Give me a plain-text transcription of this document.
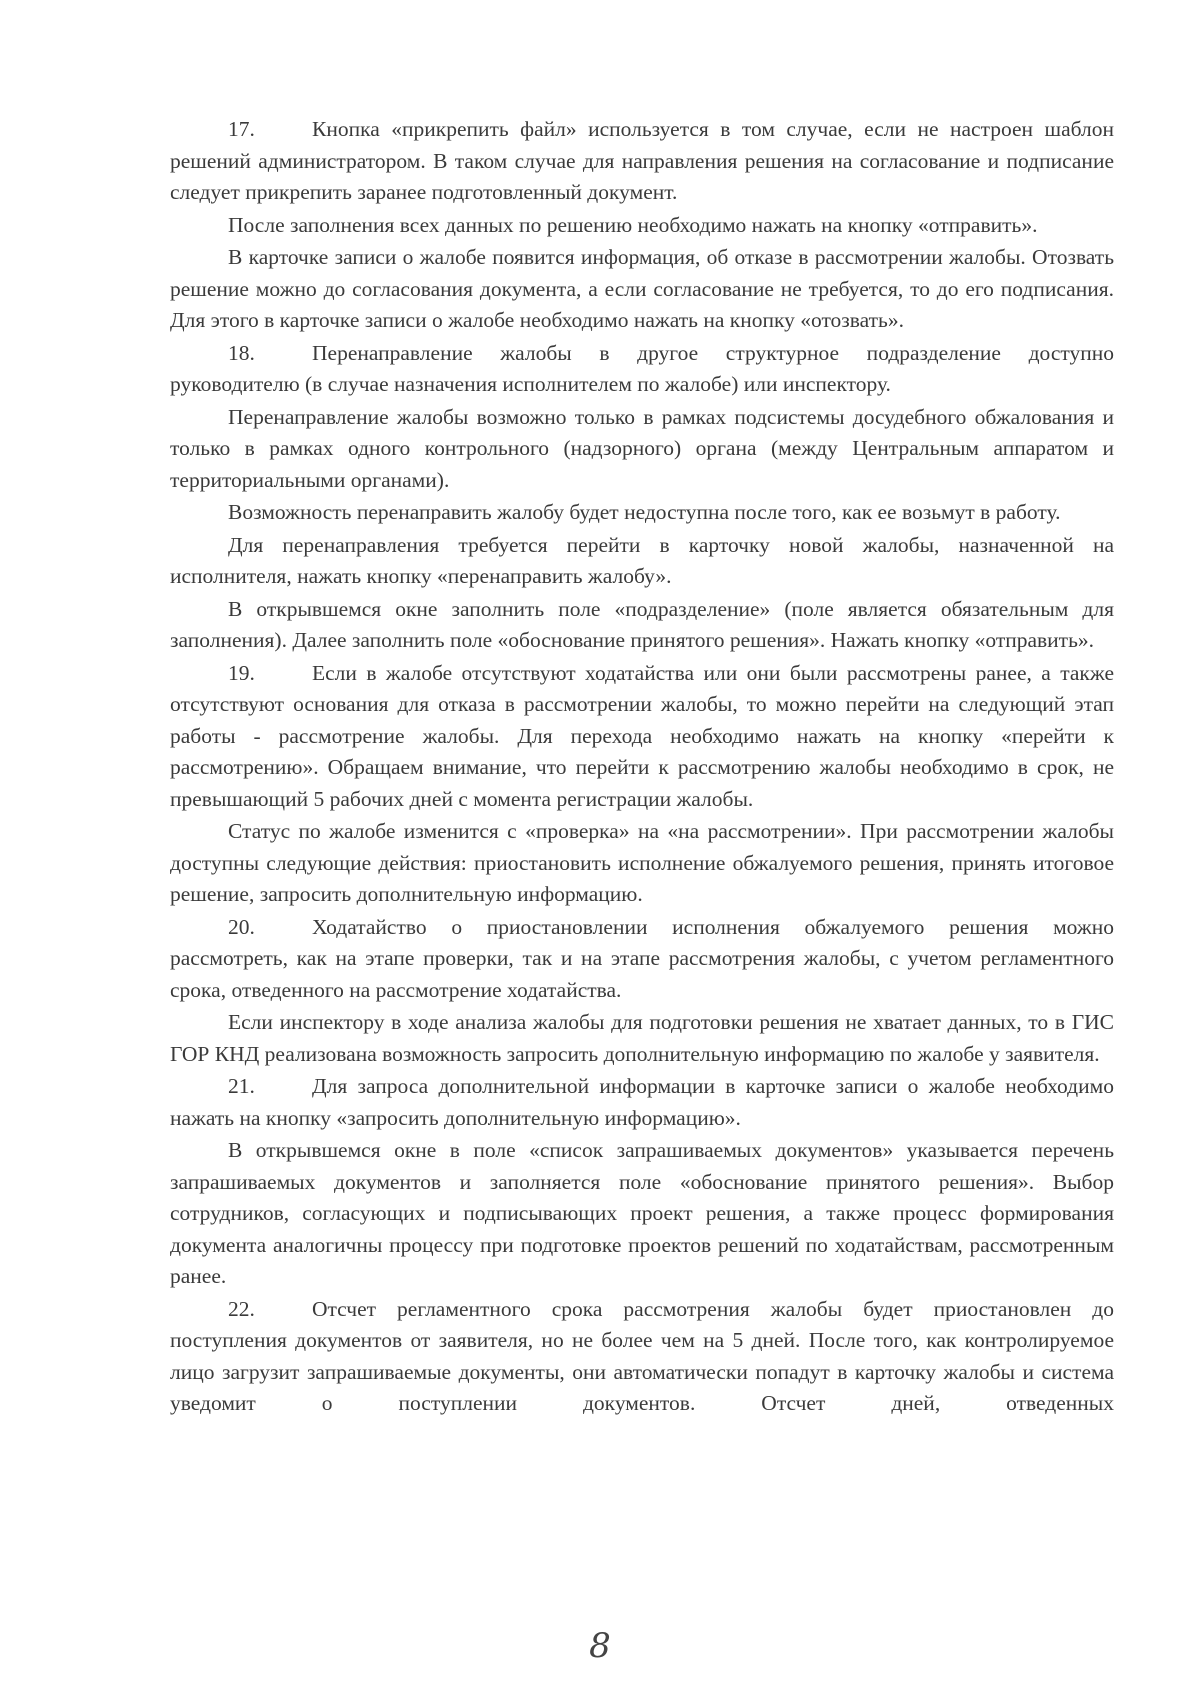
17.	Кнопка «прикрепить файл» используется в том случае, если не настроен шаблон решений администратором. В таком случае для направления решения на согласование и подписание следует прикрепить заранее подготовленный документ.

После заполнения всех данных по решению необходимо нажать на кнопку «отправить».

В карточке записи о жалобе появится информация, об отказе в рассмотрении жалобы. Отозвать решение можно до согласования документа, а если согласование не требуется, то до его подписания. Для этого в карточке записи о жалобе необходимо нажать на кнопку «отозвать».

18.	Перенаправление жалобы в другое структурное подразделение доступно руководителю (в случае назначения исполнителем по жалобе) или инспектору.

Перенаправление жалобы возможно только в рамках подсистемы досудебного обжалования и только в рамках одного контрольного (надзорного) органа (между Центральным аппаратом и территориальными органами).

Возможность перенаправить жалобу будет недоступна после того, как ее возьмут в работу.

Для перенаправления требуется перейти в карточку новой жалобы, назначенной на исполнителя, нажать кнопку «перенаправить жалобу».

В открывшемся окне заполнить поле «подразделение» (поле является обязательным для заполнения). Далее заполнить поле «обоснование принятого решения». Нажать кнопку «отправить».

19.	Если в жалобе отсутствуют ходатайства или они были рассмотрены ранее, а также отсутствуют основания для отказа в рассмотрении жалобы, то можно перейти на следующий этап работы - рассмотрение жалобы. Для перехода необходимо нажать на кнопку «перейти к рассмотрению». Обращаем внимание, что перейти к рассмотрению жалобы необходимо в срок, не превышающий 5 рабочих дней с момента регистрации жалобы.

Статус по жалобе изменится с «проверка» на «на рассмотрении». При рассмотрении жалобы доступны следующие действия: приостановить исполнение обжалуемого решения, принять итоговое решение, запросить дополнительную информацию.

20.	Ходатайство о приостановлении исполнения обжалуемого решения можно рассмотреть, как на этапе проверки, так и на этапе рассмотрения жалобы, с учетом регламентного срока, отведенного на рассмотрение ходатайства.

Если инспектору в ходе анализа жалобы для подготовки решения не хватает данных, то в ГИС ГОР КНД реализована возможность запросить дополнительную информацию по жалобе у заявителя.

21.	Для запроса дополнительной информации в карточке записи о жалобе необходимо нажать на кнопку «запросить дополнительную информацию».

В открывшемся окне в поле «список запрашиваемых документов» указывается перечень запрашиваемых документов и заполняется поле «обоснование принятого решения». Выбор сотрудников, согласующих и подписывающих проект решения, а также процесс формирования документа аналогичны процессу при подготовке проектов решений по ходатайствам, рассмотренным ранее.

22.	Отсчет регламентного срока рассмотрения жалобы будет приостановлен до поступления документов от заявителя, но не более чем на 5 дней. После того, как контролируемое лицо загрузит запрашиваемые документы, они автоматически попадут в карточку жалобы и система уведомит о поступлении документов. Отсчет дней, отведенных

8
